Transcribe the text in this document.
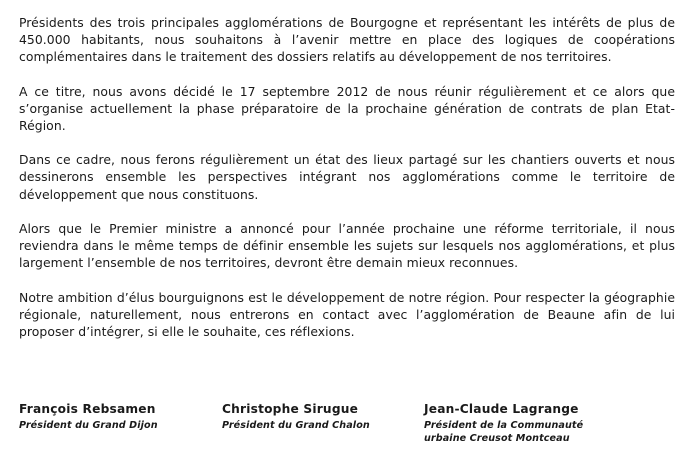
Présidents des trois principales agglomérations de Bourgogne et représentant les intérêts de plus de 450.000 habitants, nous souhaitons à l’avenir mettre en place des logiques de coopérations complémentaires dans le traitement des dossiers relatifs au développement de nos territoires.

A ce titre, nous avons décidé le 17 septembre 2012 de nous réunir régulièrement et ce alors que s’organise actuellement la phase préparatoire de la prochaine génération de contrats de plan Etat-Région.

Dans ce cadre, nous ferons régulièrement un état des lieux partagé sur les chantiers ouverts et nous dessinerons ensemble les perspectives intégrant nos agglomérations comme le territoire de développement que nous constituons.

Alors que le Premier ministre a annoncé pour l’année prochaine une réforme territoriale, il nous reviendra dans le même temps de définir ensemble les sujets sur lesquels nos agglomérations, et plus largement l’ensemble de nos territoires, devront être demain mieux reconnues.

Notre ambition d’élus bourguignons est le développement de notre région. Pour respecter la géographie régionale, naturellement, nous entrerons en contact avec l’agglomération de Beaune afin de lui proposer d’intégrer, si elle le souhaite, ces réflexions.

François Rebsamen
Président du Grand Dijon
Christophe Sirugue
Président du Grand Chalon
Jean-Claude Lagrange
Président de la Communauté urbaine Creusot Montceau
